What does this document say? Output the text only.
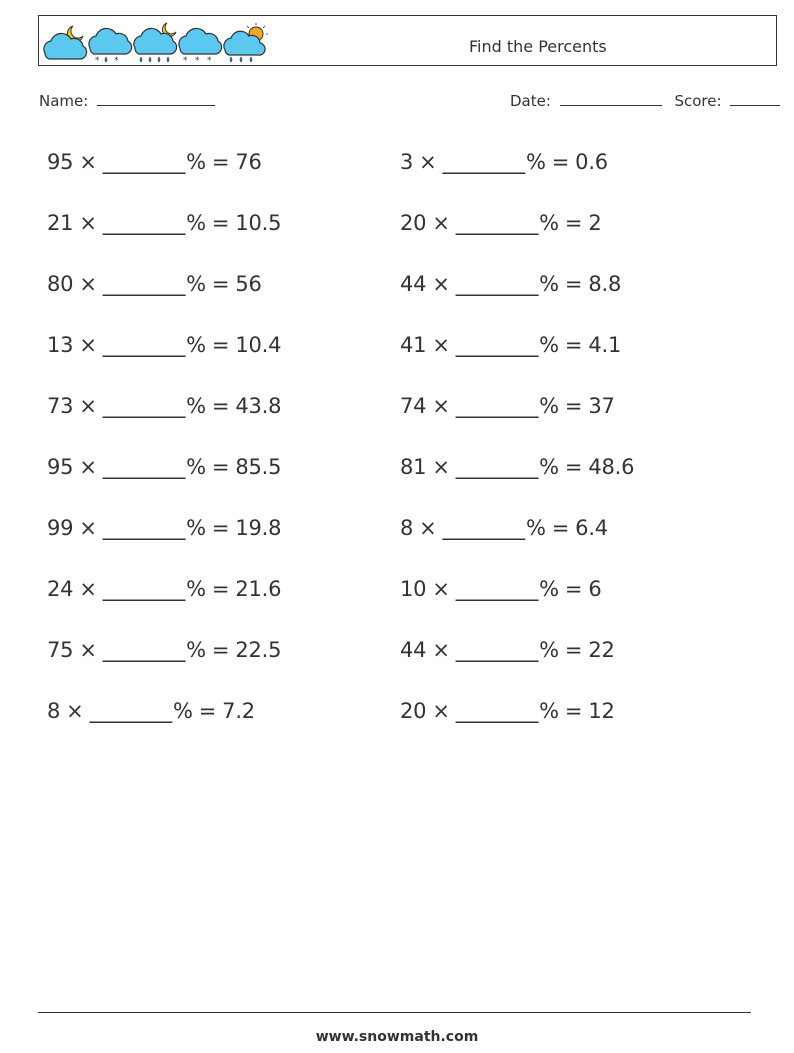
* *	* * *
Find the Percents
Name:	Date:	Score:
95 × ________% = 76	3 × ________% = 0.6
21 × ________% = 10.5	20 × ________% = 2
80 × ________% = 56	44 × ________% = 8.8
13 × ________% = 10.4	41 × ________% = 4.1
73 × ________% = 43.8	74 × ________% = 37
95 × ________% = 85.5	81 × ________% = 48.6
99 × ________% = 19.8	8 × ________% = 6.4
24 × ________% = 21.6	10 × ________% = 6
75 × ________% = 22.5	44 × ________% = 22
8 × ________% = 7.2	20 × ________% = 12
www.snowmath.com
